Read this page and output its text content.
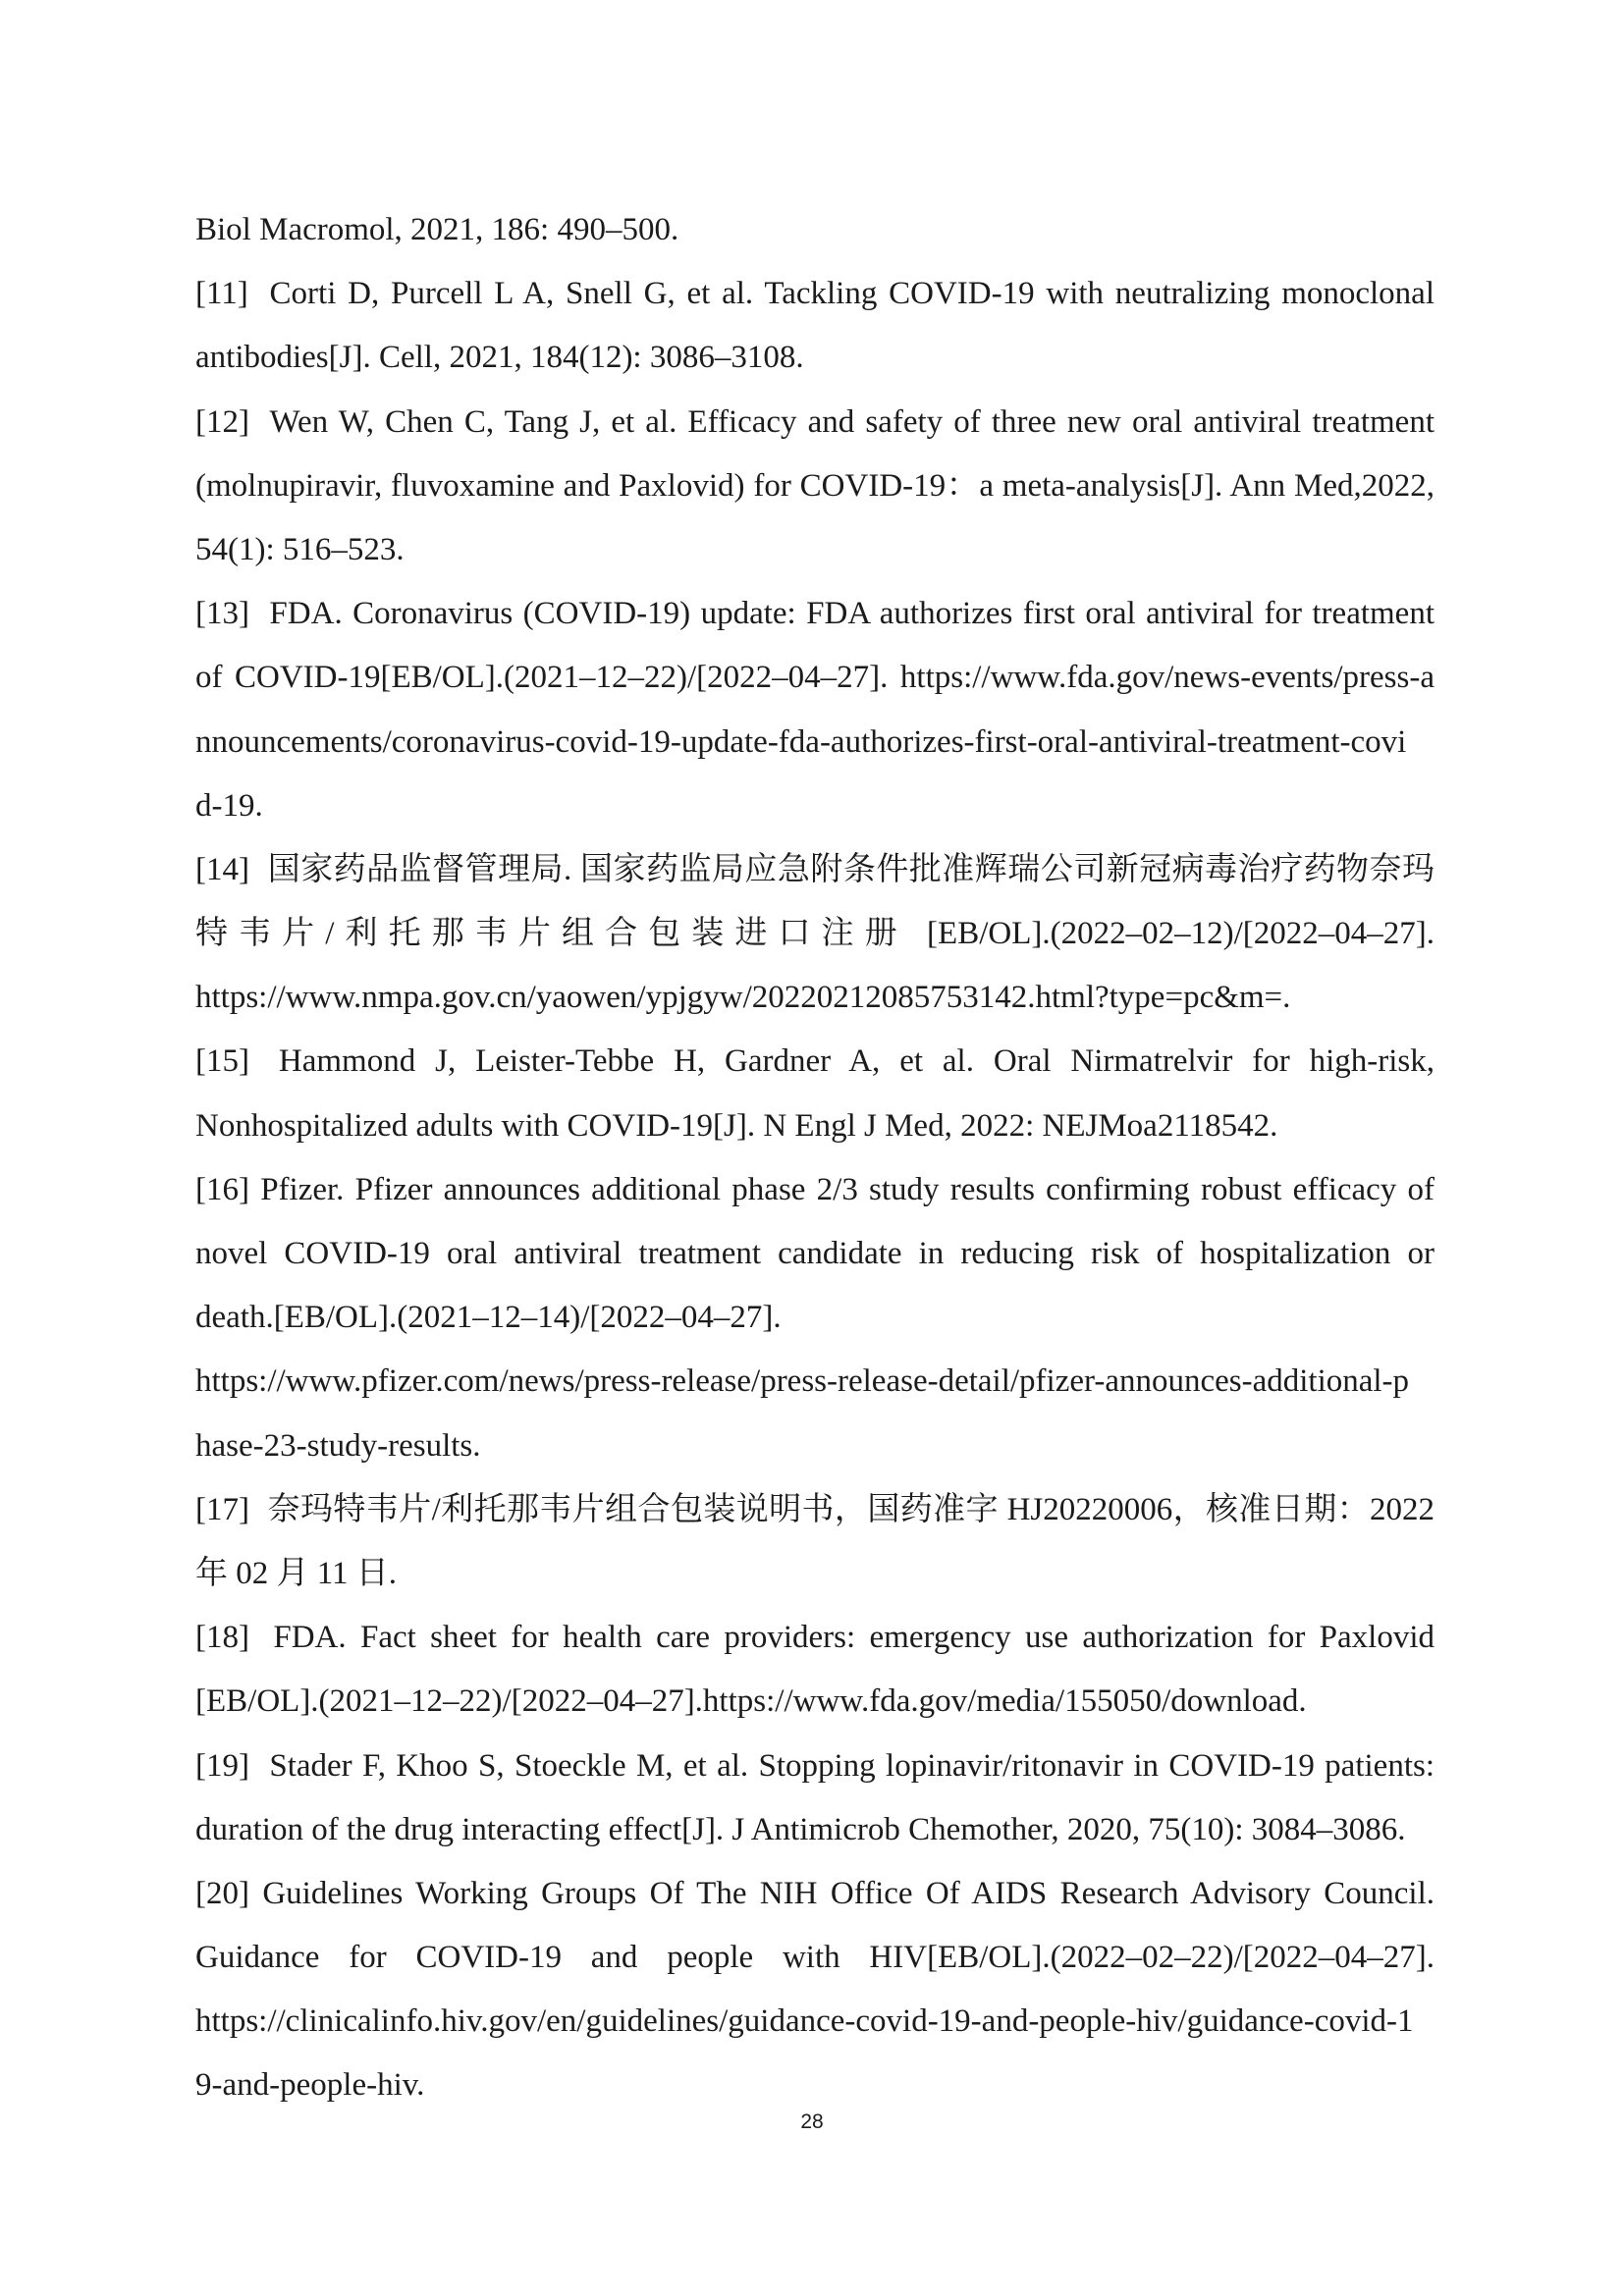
Biol Macromol, 2021, 186: 490–500.
[11] Corti D, Purcell L A, Snell G, et al. Tackling COVID-19 with neutralizing monoclonal
antibodies[J]. Cell, 2021, 184(12): 3086–3108.
[12] Wen W, Chen C, Tang J, et al. Efficacy and safety of three new oral antiviral treatment
(molnupiravir, fluvoxamine and Paxlovid) for COVID-19：a meta-analysis[J]. Ann Med,2022,
54(1): 516–523.
[13] FDA. Coronavirus (COVID-19) update: FDA authorizes first oral antiviral for treatment
of COVID-19[EB/OL].(2021–12–22)/[2022–04–27]. https://www.fda.gov/news-events/press-a
nnouncements/coronavirus-covid-19-update-fda-authorizes-first-oral-antiviral-treatment-covi
d-19.
[14] 国家药品监督管理局. 国家药监局应急附条件批准辉瑞公司新冠病毒治疗药物奈玛
特韦片/利托那韦片组合包装进口注册 [EB/OL].(2022–02–12)/[2022–04–27].
https://www.nmpa.gov.cn/yaowen/ypjgyw/20220212085753142.html?type=pc&m=.
[15] Hammond J, Leister-Tebbe H, Gardner A, et al. Oral Nirmatrelvir for high-risk,
Nonhospitalized adults with COVID-19[J]. N Engl J Med, 2022: NEJMoa2118542.
[16] Pfizer. Pfizer announces additional phase 2/3 study results confirming robust efficacy of
novel COVID-19 oral antiviral treatment candidate in reducing risk of hospitalization or
death.[EB/OL].(2021–12–14)/[2022–04–27].
https://www.pfizer.com/news/press-release/press-release-detail/pfizer-announces-additional-p
hase-23-study-results.
[17] 奈玛特韦片/利托那韦片组合包装说明书，国药准字 HJ20220006，核准日期：2022
年 02 月 11 日.
[18] FDA. Fact sheet for health care providers: emergency use authorization for Paxlovid
[EB/OL].(2021–12–22)/[2022–04–27].https://www.fda.gov/media/155050/download.
[19] Stader F, Khoo S, Stoeckle M, et al. Stopping lopinavir/ritonavir in COVID-19 patients:
duration of the drug interacting effect[J]. J Antimicrob Chemother, 2020, 75(10): 3084–3086.
[20] Guidelines Working Groups Of The NIH Office Of AIDS Research Advisory Council.
Guidance for COVID-19 and people with HIV[EB/OL].(2022–02–22)/[2022–04–27].
https://clinicalinfo.hiv.gov/en/guidelines/guidance-covid-19-and-people-hiv/guidance-covid-1
9-and-people-hiv.
28
